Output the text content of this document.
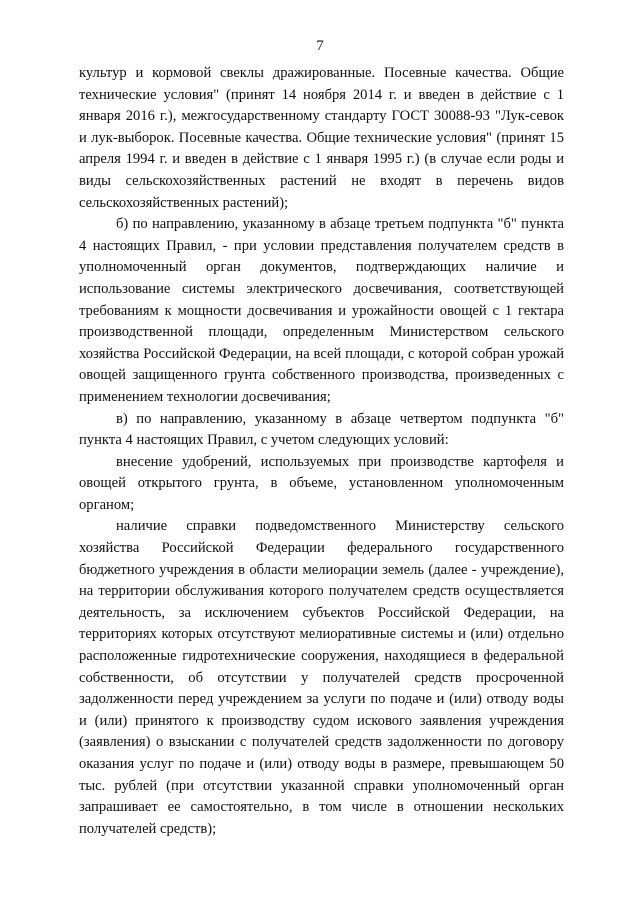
7

культур и кормовой свеклы дражированные. Посевные качества. Общие технические условия" (принят 14 ноября 2014 г. и введен в действие с 1 января 2016 г.), межгосударственному стандарту ГОСТ 30088-93 "Лук-севок и лук-выборок. Посевные качества. Общие технические условия" (принят 15 апреля 1994 г. и введен в действие с 1 января 1995 г.) (в случае если роды и виды сельскохозяйственных растений не входят в перечень видов сельскохозяйственных растений);

б) по направлению, указанному в абзаце третьем подпункта "б" пункта 4 настоящих Правил, - при условии представления получателем средств в уполномоченный орган документов, подтверждающих наличие и использование системы электрического досвечивания, соответствующей требованиям к мощности досвечивания и урожайности овощей с 1 гектара производственной площади, определенным Министерством сельского хозяйства Российской Федерации, на всей площади, с которой собран урожай овощей защищенного грунта собственного производства, произведенных с применением технологии досвечивания;

в) по направлению, указанному в абзаце четвертом подпункта "б" пункта 4 настоящих Правил, с учетом следующих условий:

внесение удобрений, используемых при производстве картофеля и овощей открытого грунта, в объеме, установленном уполномоченным органом;

наличие справки подведомственного Министерству сельского хозяйства Российской Федерации федерального государственного бюджетного учреждения в области мелиорации земель (далее - учреждение), на территории обслуживания которого получателем средств осуществляется деятельность, за исключением субъектов Российской Федерации, на территориях которых отсутствуют мелиоративные системы и (или) отдельно расположенные гидротехнические сооружения, находящиеся в федеральной собственности, об отсутствии у получателей средств просроченной задолженности перед учреждением за услуги по подаче и (или) отводу воды и (или) принятого к производству судом искового заявления учреждения (заявления) о взыскании с получателей средств задолженности по договору оказания услуг по подаче и (или) отводу воды в размере, превышающем 50 тыс. рублей (при отсутствии указанной справки уполномоченный орган запрашивает ее самостоятельно, в том числе в отношении нескольких получателей средств);
